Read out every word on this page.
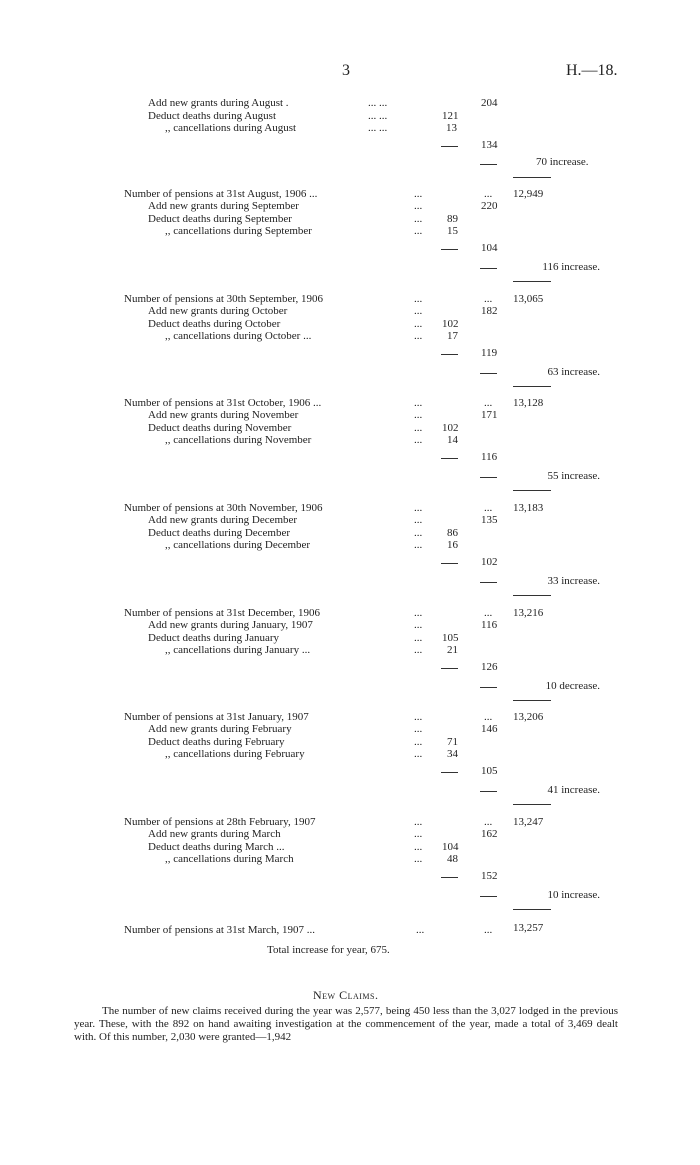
3	H.—18.
Add new grants during August .	... ...	204
Deduct deaths during August	... ...	121
,, cancellations during August	... ...	13
134
70 increase.
Number of pensions at 31st August, 1906 ...	...	... 12,949
Add new grants during September	...	220
Deduct deaths during September	...	89
,, cancellations during September	...	15
104
116 increase.
Number of pensions at 30th September, 1906	...	... 13,065
Add new grants during October	...	182
Deduct deaths during October	... 102
,, cancellations during October ...	...	17
119
63 increase.
Number of pensions at 31st October, 1906 ...	...	... 13,128
Add new grants during November	...	171
Deduct deaths during November	... 102
,, cancellations during November	...	14
116
55 increase.
Number of pensions at 30th November, 1906	...	... 13,183
Add new grants during December	...	135
Deduct deaths during December	...	86
,, cancellations during December	...	16
102
33 increase.
Number of pensions at 31st December, 1906	...	... 13,216
Add new grants during January, 1907	...	116
Deduct deaths during January	... 105
,, cancellations during January ...	...	21
126
10 decrease.
Number of pensions at 31st January, 1907	...	... 13,206
Add new grants during February	...	146
Deduct deaths during February	...	71
,, cancellations during February	...	34
105
41 increase.
Number of pensions at 28th February, 1907	...	... 13,247
Add new grants during March	...	162
Deduct deaths during March ...	... 104
,, cancellations during March	...	48
152
10 increase.
Number of pensions at 31st March, 1907 ...	...	... 13,257
Total increase for year, 675.
New Claims.
The number of new claims received during the year was 2,577, being 450 less than the 3,027 lodged in the previous year. These, with the 892 on hand awaiting investigation at the commencement of the year, made a total of 3,469 dealt with. Of this number, 2,030 were granted—1,942
